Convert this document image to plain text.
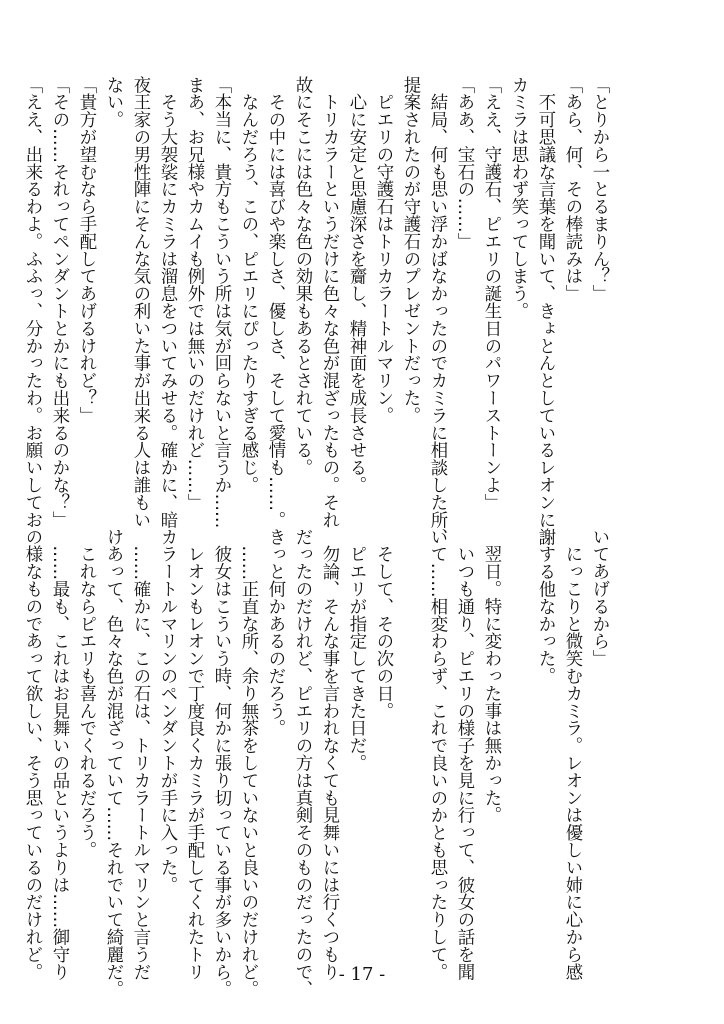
「とりから一とるまりん？」
「あら、何、その棒読みは」
　不可思議な言葉を聞いて、きょとんとしているレオンに
カミラは思わず笑ってしまう。
「ええ、守護石、ピエリの誕生日のパワーストーンよ」
「ああ、宝石の……」
　結局、何も思い浮かばなかったのでカミラに相談した所、
提案されたのが守護石のプレゼントだった。
　ピエリの守護石はトリカラートルマリン。
　心に安定と思慮深さを齎し、精神面を成長させる。
　トリカラーというだけに色々な色が混ざったもの。それ
故にそこには色々な色の効果もあるとされている。
　その中には喜びや楽しさ、優しさ、そして愛情も……。
　なんだろう、この、ピエリにぴったりすぎる感じ。
「本当に、貴方もこういう所は気が回らないと言うか……
まあ、お兄様やカムイも例外では無いのだけれど……」
　そう大袈裟にカミラは溜息をついてみせる。確かに、暗
夜王家の男性陣にそんな気の利いた事が出来る人は誰もい
ない。
「貴方が望むなら手配してあげるけれど？」
「その……それってペンダントとかにも出来るのかな？」
「ええ、出来るわよ。ふふっ、分かったわ。お願いしてお
いてあげるから」
　にっこりと微笑むカミラ。レオンは優しい姉に心から感
謝する他なかった。

　翌日。特に変わった事は無かった。
　いつも通り、ピエリの様子を見に行って、彼女の話を聞
いて……相変わらず、これで良いのかとも思ったりして。

　そして、その次の日。
　ピエリが指定してきた日だ。
　勿論、そんな事を言われなくても見舞いには行くつもり
だったのだけれど、ピエリの方は真剣そのものだったので、
きっと何かあるのだろう。
　……正直な所、余り無茶をしていないと良いのだけれど。
　彼女はこういう時、何かに張り切っている事が多いから。
　レオンもレオンで丁度良くカミラが手配してくれたトリ
カラートルマリンのペンダントが手に入った。
　……確かに、この石は、トリカラートルマリンと言うだ
けあって、色々な色が混ざっていて……それでいて綺麗だ。
　これならピエリも喜んでくれるだろう。
　……最も、これはお見舞いの品というよりは……御守り
の様なものであって欲しい、そう思っているのだけれど。	- 17 -
